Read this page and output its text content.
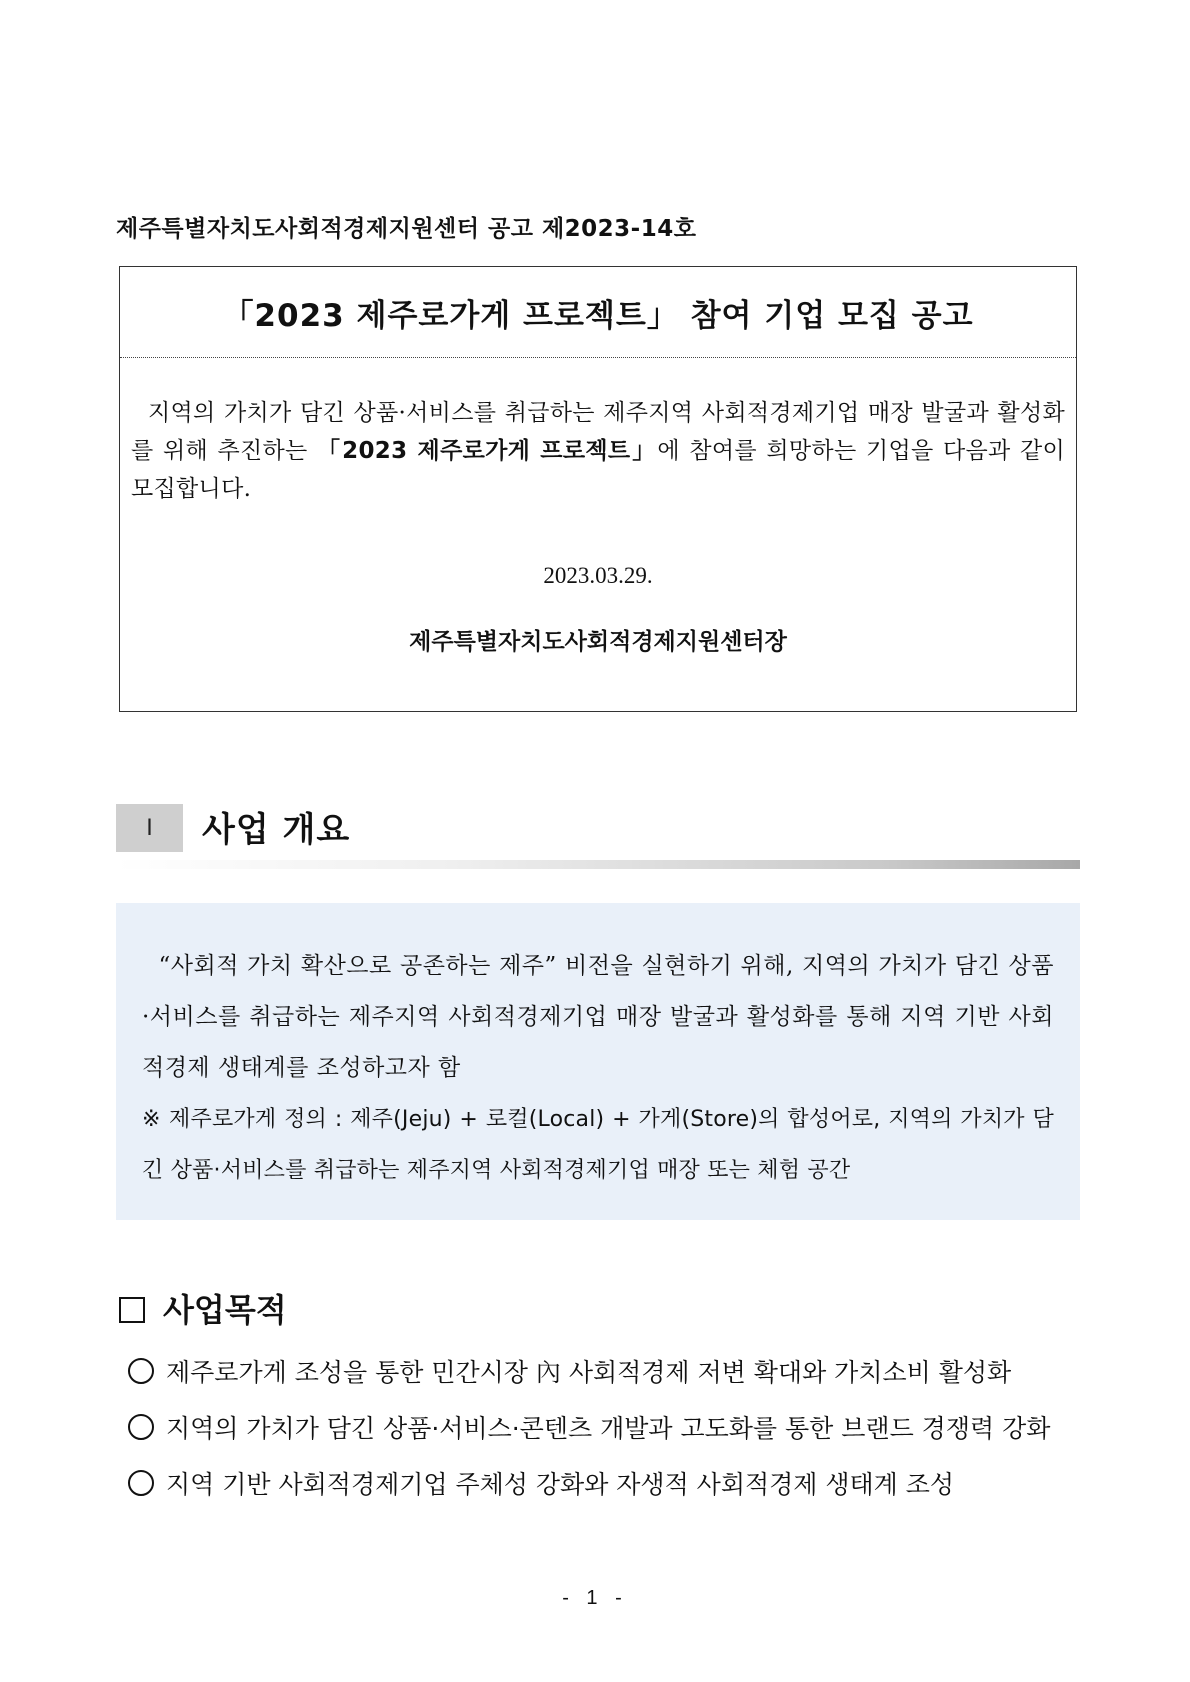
제주특별자치도사회적경제지원센터 공고 제2023-14호
「2023 제주로가게 프로젝트」 참여 기업 모집 공고
지역의 가치가 담긴 상품·서비스를 취급하는 제주지역 사회적경제기업 매장 발굴과 활성화를 위해 추진하는 「2023 제주로가게 프로젝트」에 참여를 희망하는 기업을 다음과 같이 모집합니다.
2023.03.29.
제주특별자치도사회적경제지원센터장
Ⅰ	사업 개요
“사회적 가치 확산으로 공존하는 제주” 비전을 실현하기 위해, 지역의 가치가 담긴 상품·서비스를 취급하는 제주지역 사회적경제기업 매장 발굴과 활성화를 통해 지역 기반 사회적경제 생태계를 조성하고자 함
※ 제주로가게 정의 : 제주(Jeju) + 로컬(Local) + 가게(Store)의 합성어로, 지역의 가치가 담긴 상품·서비스를 취급하는 제주지역 사회적경제기업 매장 또는 체험 공간
사업목적
제주로가게 조성을 통한 민간시장 內 사회적경제 저변 확대와 가치소비 활성화
지역의 가치가 담긴 상품·서비스·콘텐츠 개발과 고도화를 통한 브랜드 경쟁력 강화
지역 기반 사회적경제기업 주체성 강화와 자생적 사회적경제 생태계 조성
- 1 -
